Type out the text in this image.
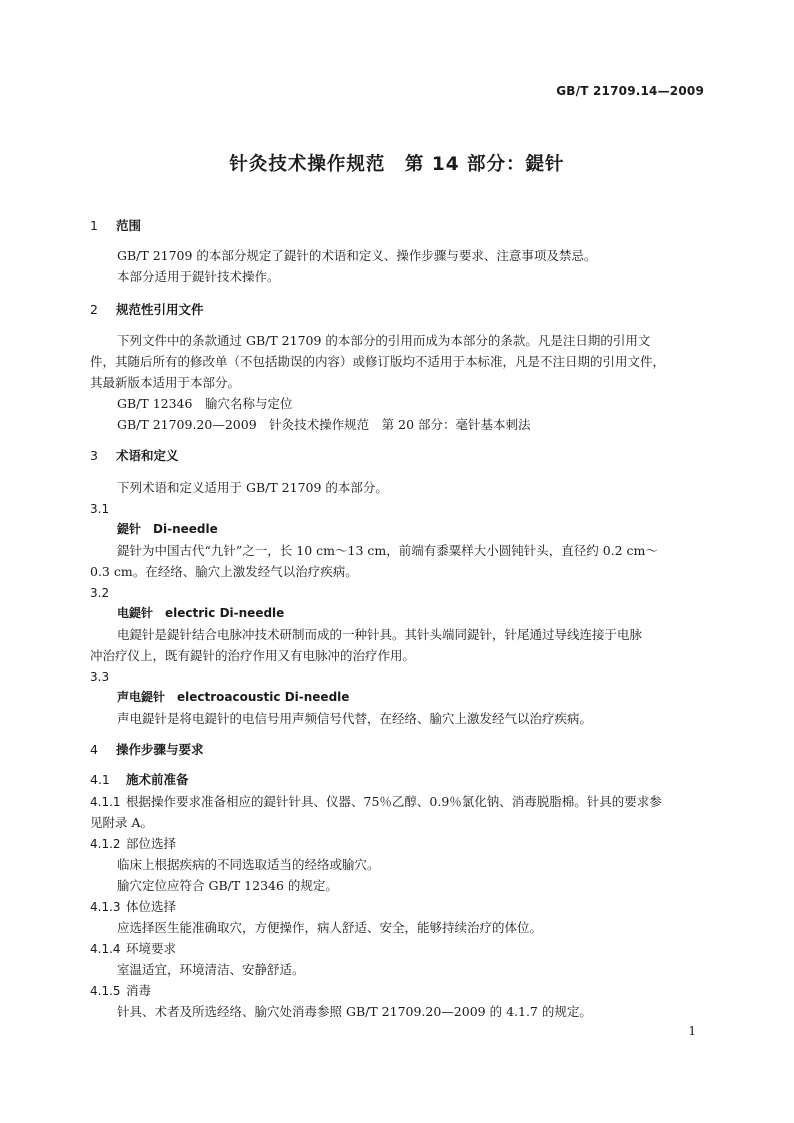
GB/T 21709.14—2009
针灸技术操作规范　第 14 部分：鍉针
1 范围
GB/T 21709 的本部分规定了鍉针的术语和定义、操作步骤与要求、注意事项及禁忌。
本部分适用于鍉针技术操作。
2 规范性引用文件
下列文件中的条款通过 GB/T 21709 的本部分的引用而成为本部分的条款。凡是注日期的引用文
件，其随后所有的修改单（不包括勘误的内容）或修订版均不适用于本标准，凡是不注日期的引用文件，
其最新版本适用于本部分。
GB/T 12346　腧穴名称与定位
GB/T 21709.20—2009　针灸技术操作规范　第 20 部分：毫针基本刺法
3 术语和定义
下列术语和定义适用于 GB/T 21709 的本部分。
3.1
鍉针 Di-needle
鍉针为中国古代“九针”之一，长 10 cm～13 cm，前端有黍粟样大小圆钝针头，直径约 0.2 cm～
0.3 cm。在经络、腧穴上激发经气以治疗疾病。
3.2
电鍉针 electric Di-needle
电鍉针是鍉针结合电脉冲技术研制而成的一种针具。其针头端同鍉针，针尾通过导线连接于电脉
冲治疗仪上，既有鍉针的治疗作用又有电脉冲的治疗作用。
3.3
声电鍉针 electroacoustic Di-needle
声电鍉针是将电鍉针的电信号用声频信号代替，在经络、腧穴上激发经气以治疗疾病。
4 操作步骤与要求
4.1 施术前准备
4.1.1 根据操作要求准备相应的鍉针针具、仪器、75％乙醇、0.9％氯化钠、消毒脱脂棉。针具的要求参
见附录 A。
4.1.2 部位选择
临床上根据疾病的不同选取适当的经络或腧穴。
腧穴定位应符合 GB/T 12346 的规定。
4.1.3 体位选择
应选择医生能准确取穴，方便操作，病人舒适、安全，能够持续治疗的体位。
4.1.4 环境要求
室温适宜，环境清洁、安静舒适。
4.1.5 消毒
针具、术者及所选经络、腧穴处消毒参照 GB/T 21709.20—2009 的 4.1.7 的规定。
1
